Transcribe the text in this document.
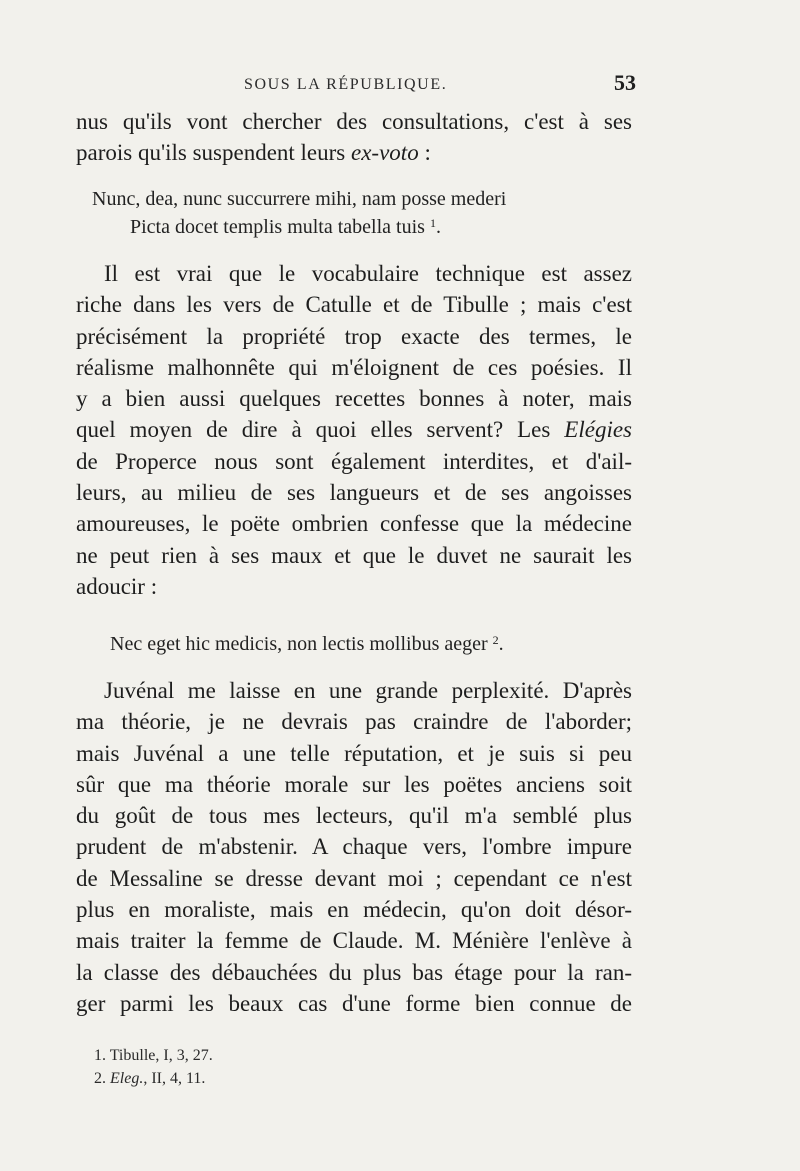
SOUS LA RÉPUBLIQUE.	53
nus qu'ils vont chercher des consultations, c'est à ses
parois qu'ils suspendent leurs ex-voto :
Nunc, dea, nunc succurrere mihi, nam posse mederi
Picta docet templis multa tabella tuis $^1$.
Il est vrai que le vocabulaire technique est assez
riche dans les vers de Catulle et de Tibulle ; mais c'est
précisément la propriété trop exacte des termes, le
réalisme malhonnête qui m'éloignent de ces poésies. Il
y a bien aussi quelques recettes bonnes à noter, mais
quel moyen de dire à quoi elles servent? Les Elégies
de Properce nous sont également interdites, et d'ail-
leurs, au milieu de ses langueurs et de ses angoisses
amoureuses, le poëte ombrien confesse que la médecine
ne peut rien à ses maux et que le duvet ne saurait les
adoucir :
Nec eget hic medicis, non lectis mollibus aeger $^2$.
Juvénal me laisse en une grande perplexité. D'après
ma théorie, je ne devrais pas craindre de l'aborder;
mais Juvénal a une telle réputation, et je suis si peu
sûr que ma théorie morale sur les poëtes anciens soit
du goût de tous mes lecteurs, qu'il m'a semblé plus
prudent de m'abstenir. A chaque vers, l'ombre impure
de Messaline se dresse devant moi ; cependant ce n'est
plus en moraliste, mais en médecin, qu'on doit désor-
mais traiter la femme de Claude. M. Ménière l'enlève à
la classe des débauchées du plus bas étage pour la ran-
ger parmi les beaux cas d'une forme bien connue de
1. Tibulle, I, 3, 27.
2. Eleg., II, 4, 11.
